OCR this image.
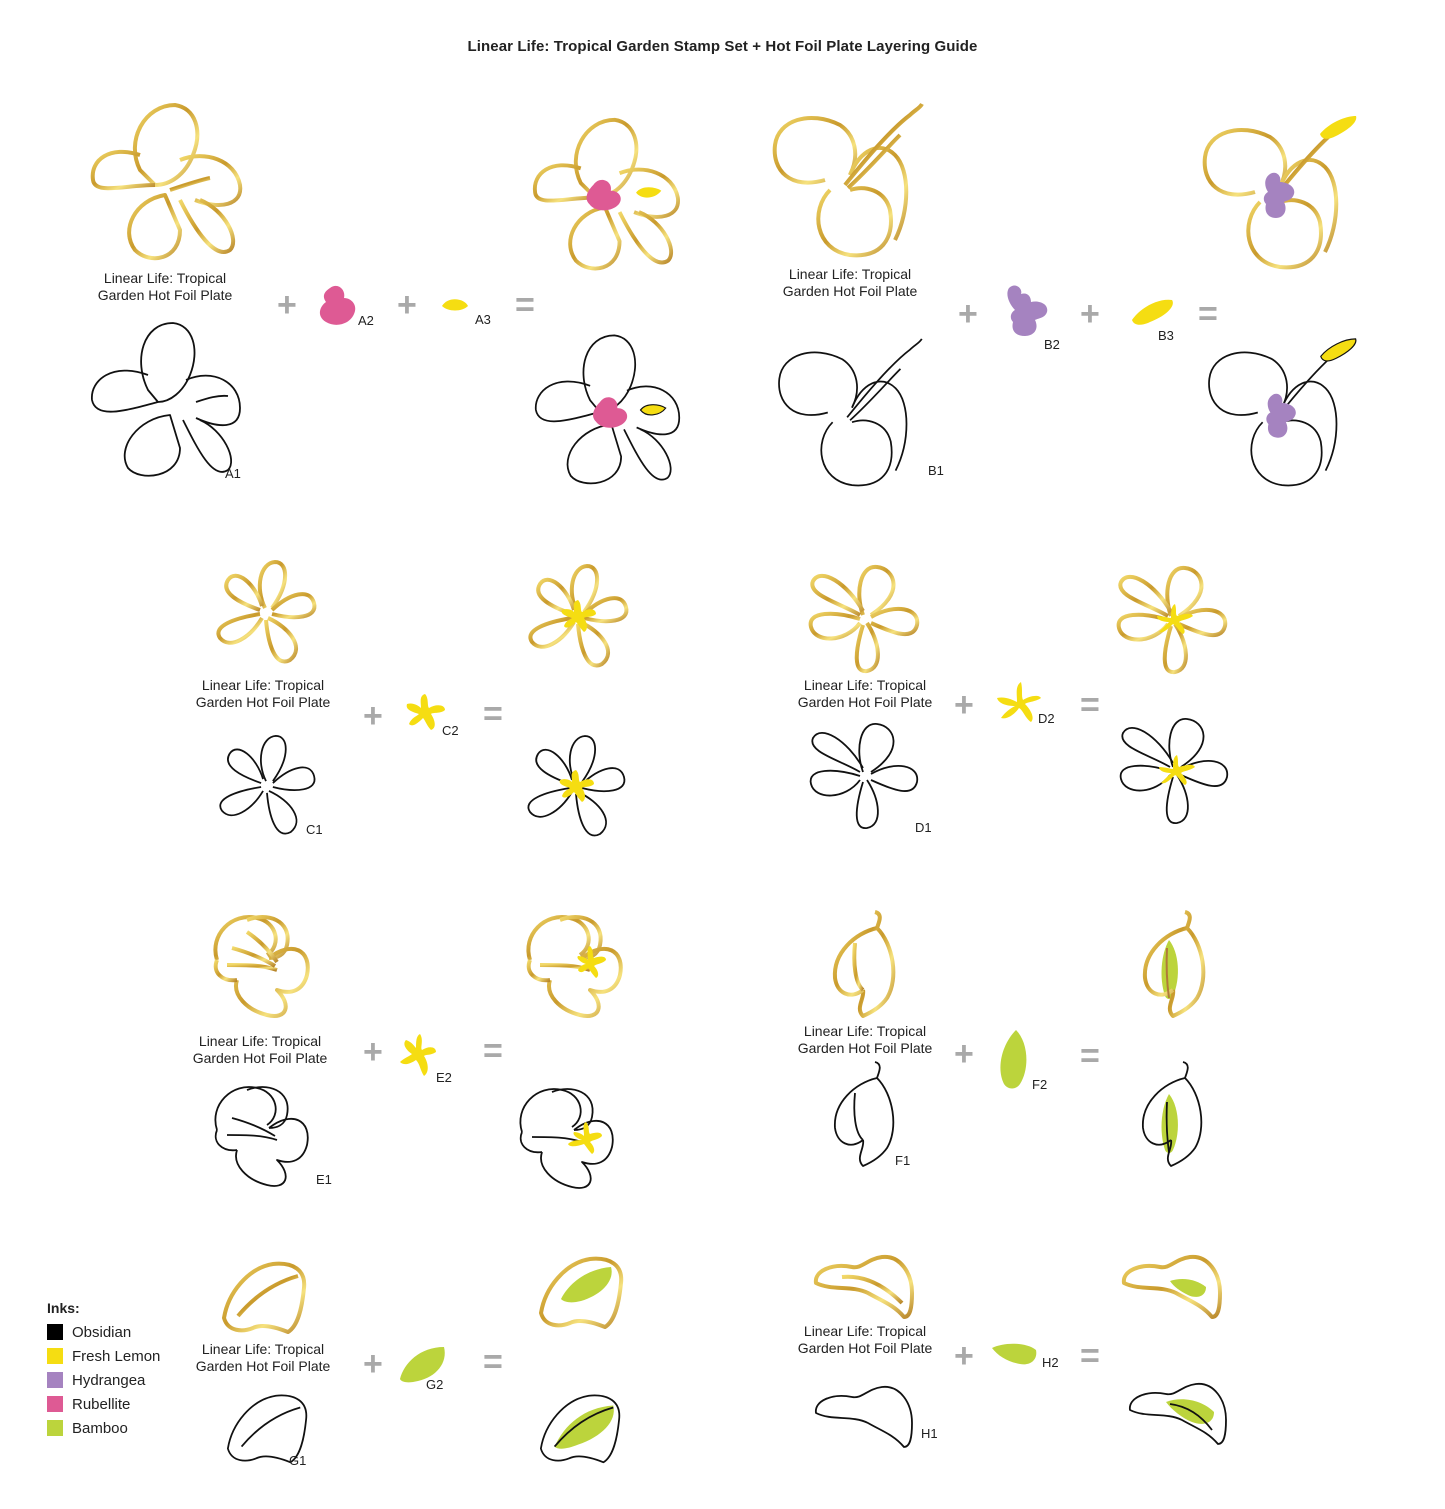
Linear Life: Tropical Garden Stamp Set + Hot Foil Plate Layering Guide
Linear Life: Tropical
Garden Hot Foil Plate
A1
+	A2 +	A3 =
Linear Life: Tropical
Garden Hot Foil Plate
B1
+
B2
+
B3
=
Linear Life: Tropical
Garden Hot Foil Plate
C1
+	C2 =
Linear Life: Tropical
Garden Hot Foil Plate
D1
+	D2 =
Linear Life: Tropical
Garden Hot Foil Plate
E1
+
E2
=
Linear Life: Tropical
Garden Hot Foil Plate
F1
+
F2
=
Linear Life: Tropical
Garden Hot Foil Plate
G1
+
G2
=
Linear Life: Tropical
Garden Hot Foil Plate
H1
+	H2 =
Inks:
Obsidian
Fresh Lemon
Hydrangea
Rubellite
Bamboo
